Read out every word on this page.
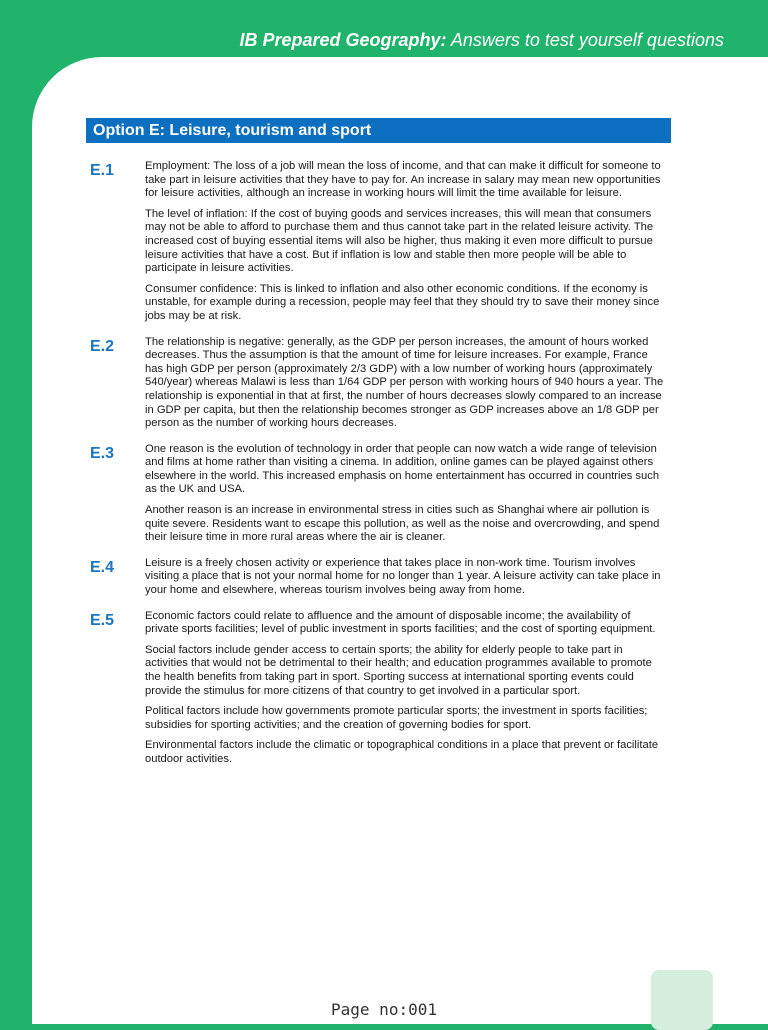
IB Prepared Geography: Answers to test yourself questions
Option E: Leisure, tourism and sport
E.1	Employment: The loss of a job will mean the loss of income, and that can make it difficult for someone to take part in leisure activities that they have to pay for. An increase in salary may mean new opportunities for leisure activities, although an increase in working hours will limit the time available for leisure.

The level of inflation: If the cost of buying goods and services increases, this will mean that consumers may not be able to afford to purchase them and thus cannot take part in the related leisure activity. The increased cost of buying essential items will also be higher, thus making it even more difficult to pursue leisure activities that have a cost. But if inflation is low and stable then more people will be able to participate in leisure activities.

Consumer confidence: This is linked to inflation and also other economic conditions. If the economy is unstable, for example during a recession, people may feel that they should try to save their money since jobs may be at risk.

E.2	The relationship is negative: generally, as the GDP per person increases, the amount of hours worked decreases. Thus the assumption is that the amount of time for leisure increases. For example, France has high GDP per person (approximately 2/3 GDP) with a low number of working hours (approximately 540/year) whereas Malawi is less than 1/64 GDP per person with working hours of 940 hours a year. The relationship is exponential in that at first, the number of hours decreases slowly compared to an increase in GDP per capita, but then the relationship becomes stronger as GDP increases above an 1/8 GDP per person as the number of working hours decreases.

E.3	One reason is the evolution of technology in order that people can now watch a wide range of television and films at home rather than visiting a cinema. In addition, online games can be played against others elsewhere in the world. This increased emphasis on home entertainment has occurred in countries such as the UK and USA.

Another reason is an increase in environmental stress in cities such as Shanghai where air pollution is quite severe. Residents want to escape this pollution, as well as the noise and overcrowding, and spend their leisure time in more rural areas where the air is cleaner.

E.4	Leisure is a freely chosen activity or experience that takes place in non-work time. Tourism involves visiting a place that is not your normal home for no longer than 1 year. A leisure activity can take place in your home and elsewhere, whereas tourism involves being away from home.

E.5	Economic factors could relate to affluence and the amount of disposable income; the availability of private sports facilities; level of public investment in sports facilities; and the cost of sporting equipment.

Social factors include gender access to certain sports; the ability for elderly people to take part in activities that would not be detrimental to their health; and education programmes available to promote the health benefits from taking part in sport. Sporting success at international sporting events could provide the stimulus for more citizens of that country to get involved in a particular sport.

Political factors include how governments promote particular sports; the investment in sports facilities; subsidies for sporting activities; and the creation of governing bodies for sport.

Environmental factors include the climatic or topographical conditions in a place that prevent or facilitate outdoor activities.

Page no:001
